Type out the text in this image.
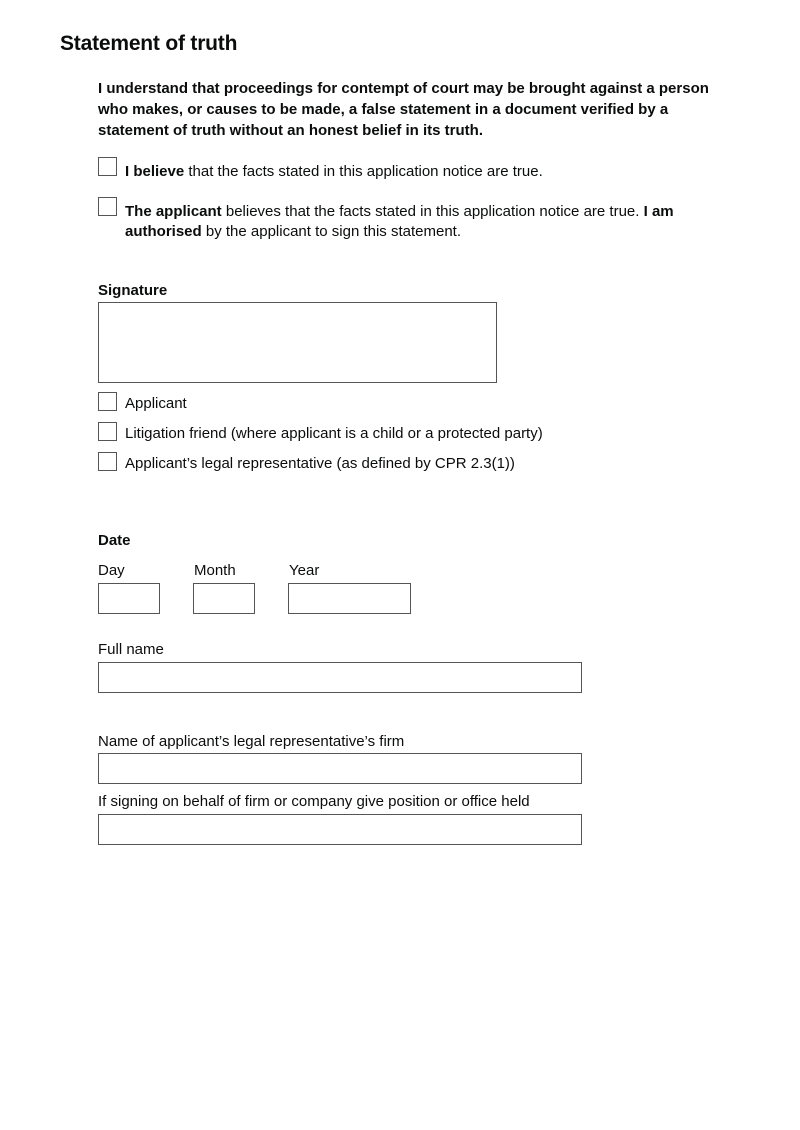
Statement of truth
I understand that proceedings for contempt of court may be brought against a person who makes, or causes to be made, a false statement in a document verified by a statement of truth without an honest belief in its truth.
I believe that the facts stated in this application notice are true.
The applicant believes that the facts stated in this application notice are true. I am authorised by the applicant to sign this statement.
Signature
Applicant
Litigation friend (where applicant is a child or a protected party)
Applicant’s legal representative (as defined by CPR 2.3(1))
Date
Day	Month	Year
Full name
Name of applicant’s legal representative’s firm
If signing on behalf of firm or company give position or office held
